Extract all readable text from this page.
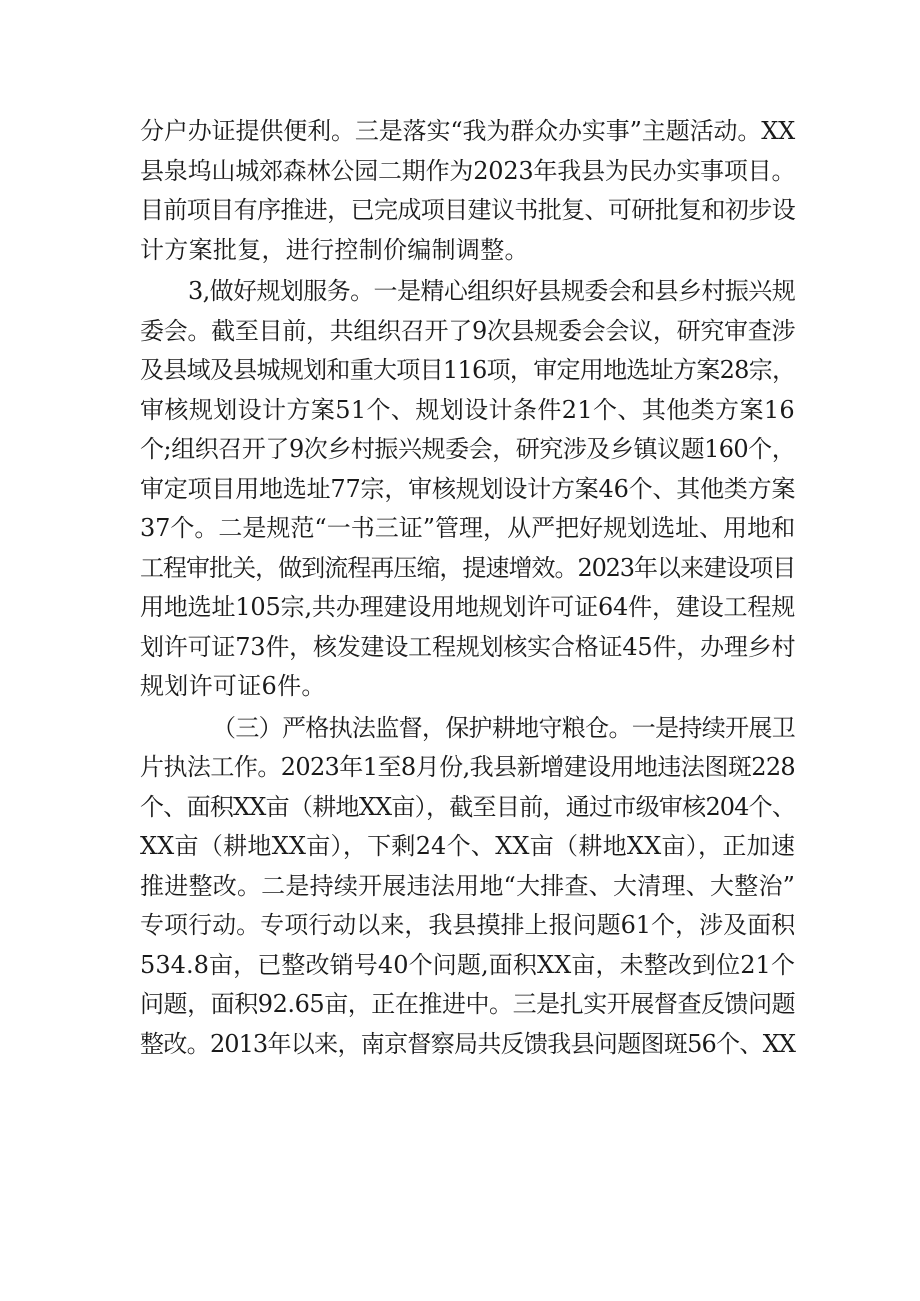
分户办证提供便利。三是落实“我为群众办实事”主题活动。XX
县泉坞山城郊森林公园二期作为2023年我县为民办实事项目。
目前项目有序推进，已完成项目建议书批复、可研批复和初步设
计方案批复，进行控制价编制调整。
3,做好规划服务。一是精心组织好县规委会和县乡村振兴规
委会。截至目前，共组织召开了9次县规委会会议，研究审查涉
及县域及县城规划和重大项目116项，审定用地选址方案28宗，
审核规划设计方案51个、规划设计条件21个、其他类方案16
个;组织召开了9次乡村振兴规委会，研究涉及乡镇议题160个，
审定项目用地选址77宗，审核规划设计方案46个、其他类方案
37个。二是规范“一书三证”管理，从严把好规划选址、用地和
工程审批关，做到流程再压缩，提速增效。2023年以来建设项目
用地选址105宗,共办理建设用地规划许可证64件，建设工程规
划许可证73件，核发建设工程规划核实合格证45件，办理乡村
规划许可证6件。
（三）严格执法监督，保护耕地守粮仓。一是持续开展卫
片执法工作。2023年1至8月份,我县新增建设用地违法图斑228
个、面积XX亩（耕地XX亩），截至目前，通过市级审核204个、
XX亩（耕地XX亩），下剩24个、XX亩（耕地XX亩），正加速
推进整改。二是持续开展违法用地“大排查、大清理、大整治”
专项行动。专项行动以来，我县摸排上报问题61个，涉及面积
534.8亩，已整改销号40个问题,面积XX亩，未整改到位21个
问题，面积92.65亩，正在推进中。三是扎实开展督查反馈问题
整改。2013年以来，南京督察局共反馈我县问题图斑56个、XX
